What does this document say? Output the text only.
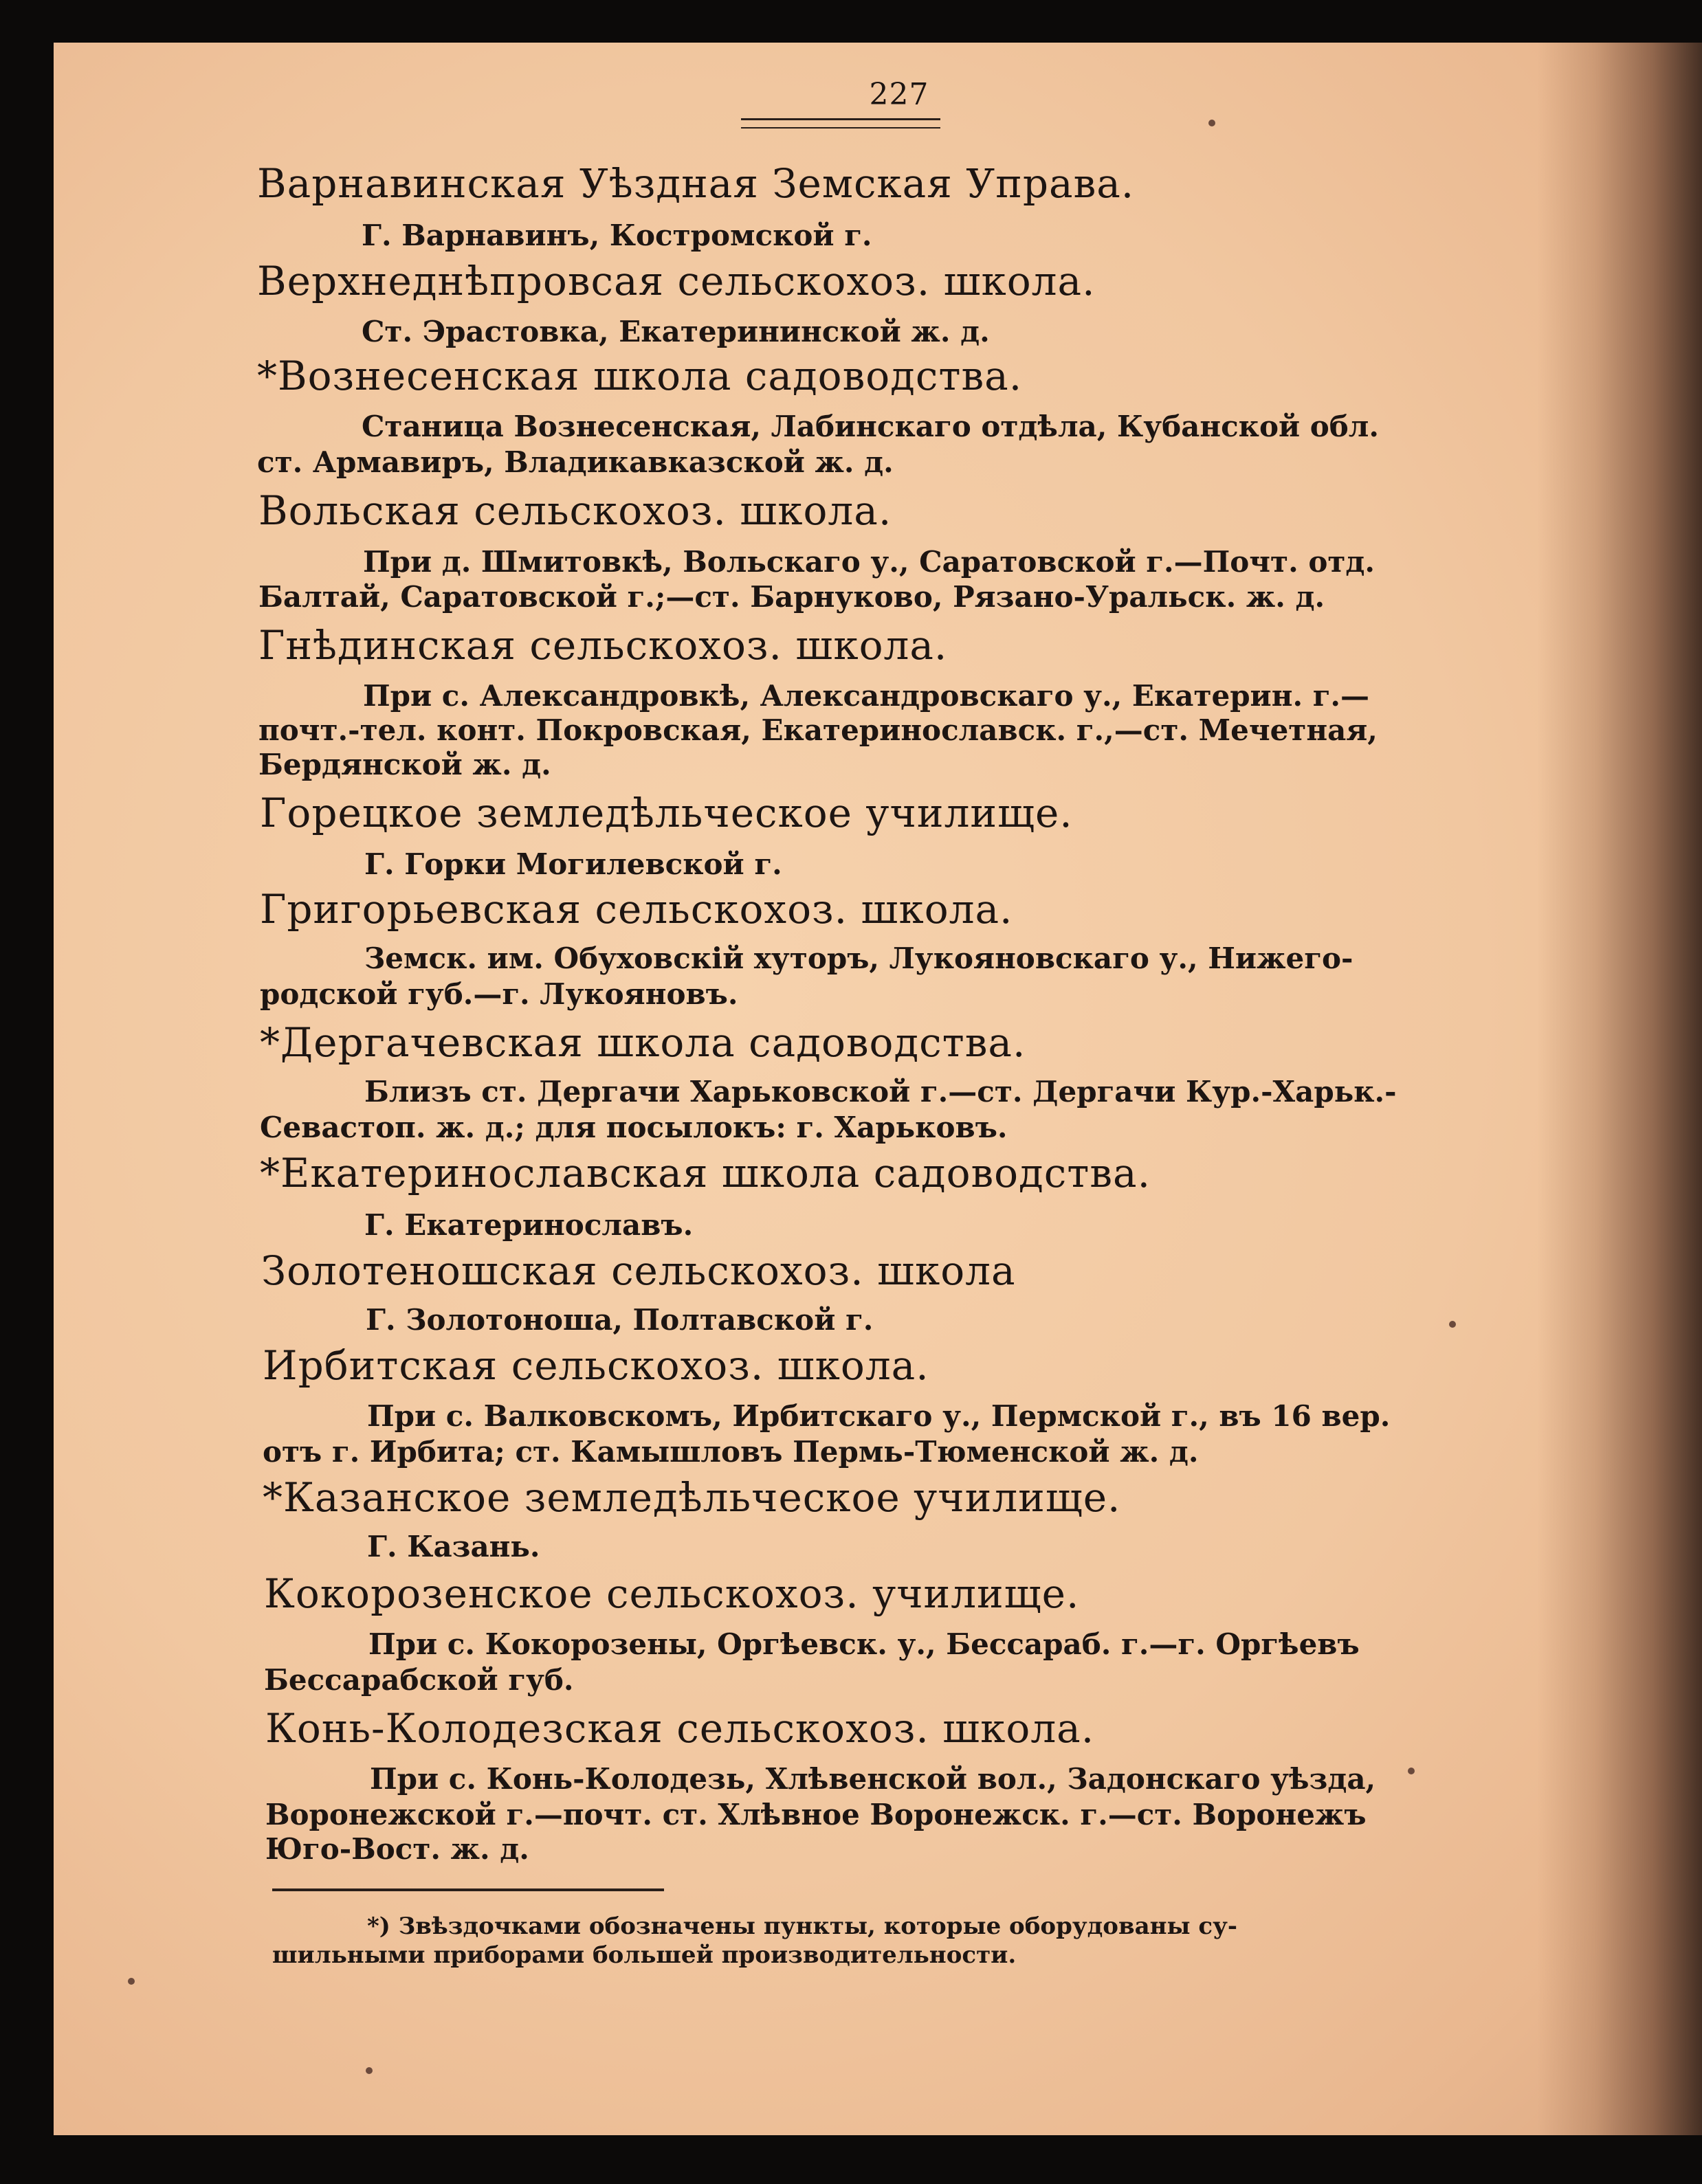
227
Варнавинская Уѣздная Земская Управа.
Г. Варнавинъ, Костромской г.
Верхнеднѣпровсая сельскохоз. школа.
Ст. Эрастовка, Екатерининской ж. д.
*Вознесенская школа садоводства.
Станица Вознесенская, Лабинскаго отдѣла, Кубанской обл.
ст. Армавиръ, Владикавказской ж. д.
Вольская сельскохоз. школа.
При д. Шмитовкѣ, Вольскаго у., Саратовской г.—Почт. отд.
Балтай, Саратовской г.;—ст. Барнуково, Рязано-Уральск. ж. д.
Гнѣдинская сельскохоз. школа.
При с. Александровкѣ, Александровскаго у., Екатерин. г.—
почт.-тел. конт. Покровская, Екатеринославск. г.,—ст. Мечетная,
Бердянской ж. д.
Горецкое земледѣльческое училище.
Г. Горки Могилевской г.
Григорьевская сельскохоз. школа.
Земск. им. Обуховскій хуторъ, Лукояновскаго у., Нижего-
родской губ.—г. Лукояновъ.
*Дергачевская школа садоводства.
Близъ ст. Дергачи Харьковской г.—ст. Дергачи Кур.-Харьк.-
Севастоп. ж. д.; для посылокъ: г. Харьковъ.
*Екатеринославская школа садоводства.
Г. Екатеринославъ.
Золотеношская сельскохоз. школа
Г. Золотоноша, Полтавской г.
Ирбитская сельскохоз. школа.
При с. Валковскомъ, Ирбитскаго у., Пермской г., въ 16 вер.
отъ г. Ирбита; ст. Камышловъ Пермь-Тюменской ж. д.
*Казанское земледѣльческое училище.
Г. Казань.
Кокорозенское сельскохоз. училище.
При с. Кокорозены, Оргѣевск. у., Бессараб. г.—г. Оргѣевъ
Бессарабской губ.
Конь-Колодезская сельскохоз. школа.
При с. Конь-Колодезь, Хлѣвенской вол., Задонскаго уѣзда,
Воронежской г.—почт. ст. Хлѣвное Воронежск. г.—ст. Воронежъ
Юго-Вост. ж. д.
*) Звѣздочками обозначены пункты, которые оборудованы су-
шильными приборами большей производительности.
